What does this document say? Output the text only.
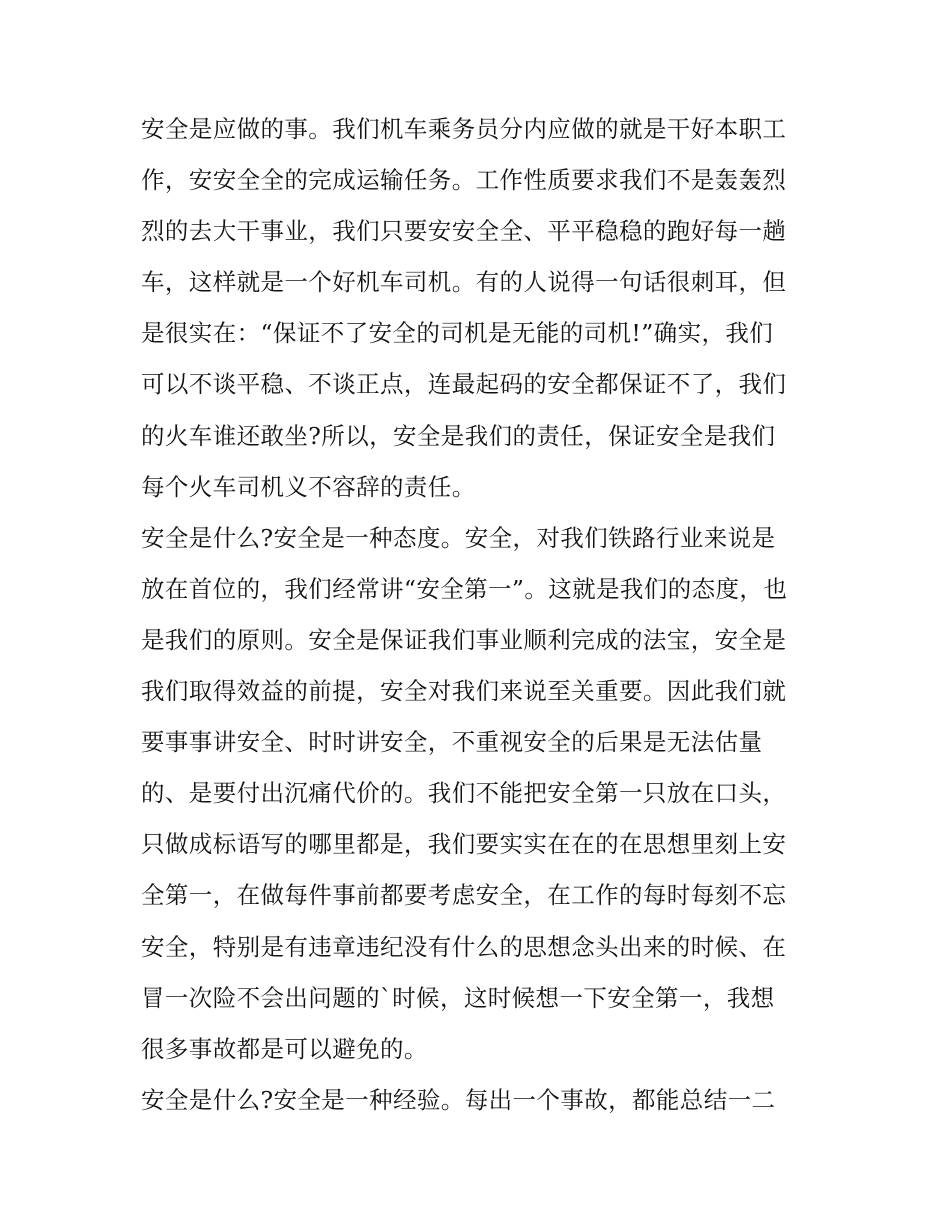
安全是应做的事。我们机车乘务员分内应做的就是干好本职工
作，安安全全的完成运输任务。工作性质要求我们不是轰轰烈
烈的去大干事业，我们只要安安全全、平平稳稳的跑好每一趟
车，这样就是一个好机车司机。有的人说得一句话很刺耳，但
是很实在：“保证不了安全的司机是无能的司机!”确实，我们
可以不谈平稳、不谈正点，连最起码的安全都保证不了，我们
的火车谁还敢坐?所以，安全是我们的责任，保证安全是我们
每个火车司机义不容辞的责任。
安全是什么?安全是一种态度。安全，对我们铁路行业来说是
放在首位的，我们经常讲“安全第一”。这就是我们的态度，也
是我们的原则。安全是保证我们事业顺利完成的法宝，安全是
我们取得效益的前提，安全对我们来说至关重要。因此我们就
要事事讲安全、时时讲安全，不重视安全的后果是无法估量
的、是要付出沉痛代价的。我们不能把安全第一只放在口头，
只做成标语写的哪里都是，我们要实实在在的在思想里刻上安
全第一，在做每件事前都要考虑安全，在工作的每时每刻不忘
安全，特别是有违章违纪没有什么的思想念头出来的时候、在
冒一次险不会出问题的`时候，这时候想一下安全第一，我想
很多事故都是可以避免的。
安全是什么?安全是一种经验。每出一个事故，都能总结一二
